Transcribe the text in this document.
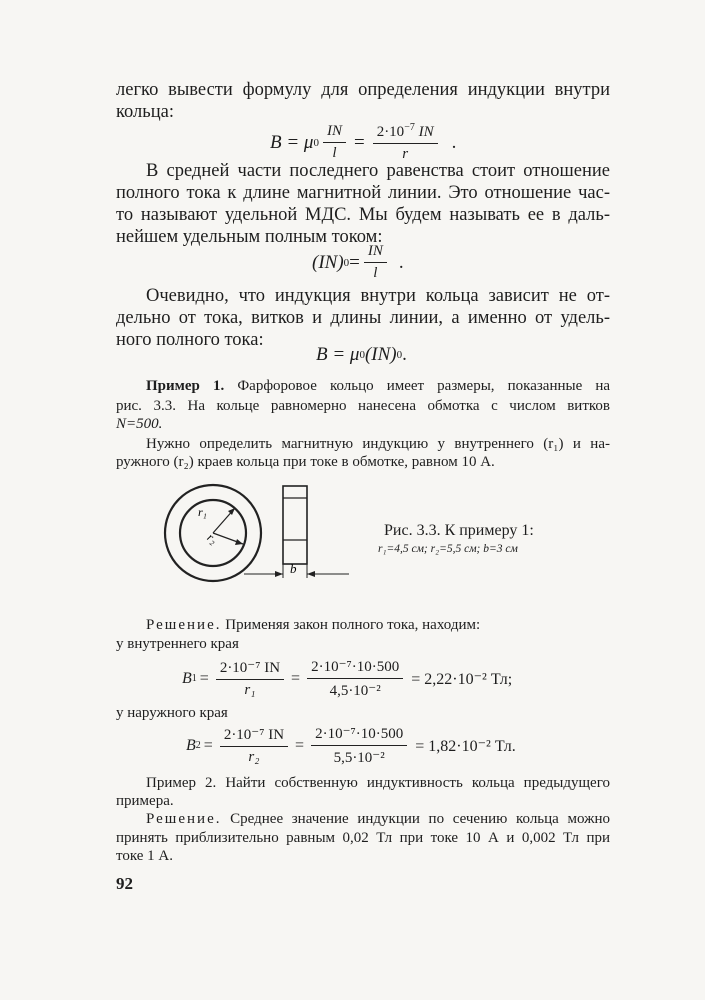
легко вывести формулу для определения индукции внутри
кольца:
B = μ $0 \frac{IN}{l} = \frac{2\cdot 10^{-7} IN}{r}$ .
В средней части последнего равенства стоит отношение
полного тока к длине магнитной линии. Это отношение час-
то называют удельной МДС. Мы будем называть ее в даль-
нейшем удельным полным током:
(IN) $0 = \frac{IN}{l}$ .
Очевидно, что индукция внутри кольца зависит не от-
дельно от тока, витков и длины линии, а именно от удель-
ного полного тока:
B = μ 0 (IN) 0 .
Пример 1. Фарфоровое кольцо имеет размеры, показанные на
рис. 3.3. На кольце равномерно нанесена обмотка с числом витков
N=500.
Нужно определить магнитную индукцию у внутреннего (r₁) и на-
ружного (r₂) краев кольца при токе в обмотке, равном 10 А.
r₁
r₂
b
Рис. 3.3. К примеру 1:
r₁=4,5 см; r₂=5,5 см; b=3 см
Решение. Применяя закон полного тока, находим:
у внутреннего края
B $1 = \frac{\text{2·10⁻⁷ IN}}{\text{r₁}} = \frac{\text{2·10⁻⁷·10·500}}{\text{4,5·10⁻²}} = 2,22\cdot 10^{-2}$ Тл;
у наружного края
B $2 = \frac{\text{2·10⁻⁷ IN}}{\text{r₂}} = \frac{\text{2·10⁻⁷·10·500}}{\text{5,5·10⁻²}} = 1,82\cdot 10^{-2}$ Тл.
Пример 2. Найти собственную индуктивность кольца предыдущего
примера.
Решение. Среднее значение индукции по сечению кольца можно
принять приблизительно равным 0,02 Тл при токе 10 А и 0,002 Тл при
токе 1 А.
92
